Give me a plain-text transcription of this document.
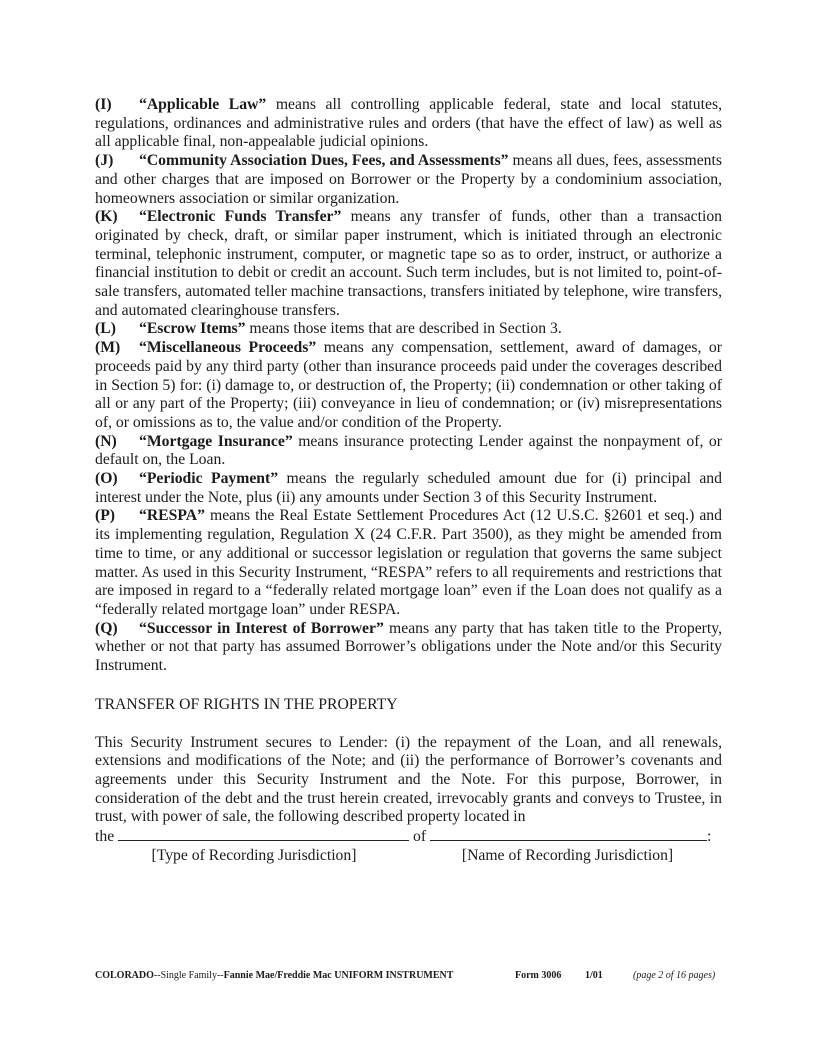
(I) “Applicable Law” means all controlling applicable federal, state and local statutes, regulations, ordinances and administrative rules and orders (that have the effect of law) as well as all applicable final, non-appealable judicial opinions.

(J) “Community Association Dues, Fees, and Assessments” means all dues, fees, assessments and other charges that are imposed on Borrower or the Property by a condominium association, homeowners association or similar organization.

(K) “Electronic Funds Transfer” means any transfer of funds, other than a transaction originated by check, draft, or similar paper instrument, which is initiated through an electronic terminal, telephonic instrument, computer, or magnetic tape so as to order, instruct, or authorize a financial institution to debit or credit an account. Such term includes, but is not limited to, point-of-sale transfers, automated teller machine transactions, transfers initiated by telephone, wire transfers, and automated clearinghouse transfers.

(L) “Escrow Items” means those items that are described in Section 3.

(M) “Miscellaneous Proceeds” means any compensation, settlement, award of damages, or proceeds paid by any third party (other than insurance proceeds paid under the coverages described in Section 5) for: (i) damage to, or destruction of, the Property; (ii) condemnation or other taking of all or any part of the Property; (iii) conveyance in lieu of condemnation; or (iv) misrepresentations of, or omissions as to, the value and/or condition of the Property.

(N) “Mortgage Insurance” means insurance protecting Lender against the nonpayment of, or default on, the Loan.

(O) “Periodic Payment” means the regularly scheduled amount due for (i) principal and interest under the Note, plus (ii) any amounts under Section 3 of this Security Instrument.

(P) “RESPA” means the Real Estate Settlement Procedures Act (12 U.S.C. §2601 et seq.) and its implementing regulation, Regulation X (24 C.F.R. Part 3500), as they might be amended from time to time, or any additional or successor legislation or regulation that governs the same subject matter. As used in this Security Instrument, “RESPA” refers to all requirements and restrictions that are imposed in regard to a “federally related mortgage loan” even if the Loan does not qualify as a “federally related mortgage loan” under RESPA.

(Q) “Successor in Interest of Borrower” means any party that has taken title to the Property, whether or not that party has assumed Borrower’s obligations under the Note and/or this Security Instrument.

TRANSFER OF RIGHTS IN THE PROPERTY

This Security Instrument secures to Lender: (i) the repayment of the Loan, and all renewals, extensions and modifications of the Note; and (ii) the performance of Borrower’s covenants and agreements under this Security Instrument and the Note. For this purpose, Borrower, in consideration of the debt and the trust herein created, irrevocably grants and conveys to Trustee, in trust, with power of sale, the following described property located in

the	of	:

[Type of Recording Jurisdiction]	[Name of Recording Jurisdiction]
COLORADO--Single Family--Fannie Mae/Freddie Mac UNIFORM INSTRUMENT	Form 3006 1/01	(page 2 of 16 pages)
